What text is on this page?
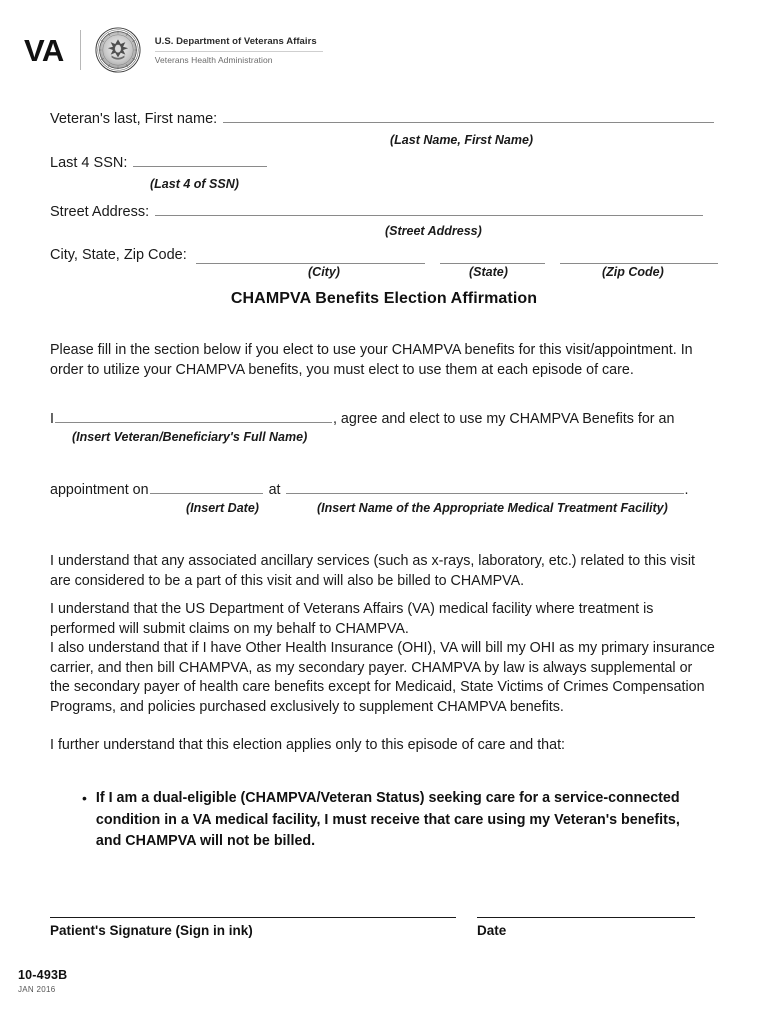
VA	U.S. Department of Veterans Affairs
Veterans Health Administration
Veteran's last, First name:
(Last Name, First Name)
Last 4 SSN:
(Last 4 of SSN)
Street Address:
(Street Address)
City, State, Zip Code:
(City)	(State)	(Zip Code)
CHAMPVA Benefits Election Affirmation
Please fill in the section below if you elect to use your CHAMPVA benefits for this visit/appointment. In order to utilize your CHAMPVA benefits, you must elect to use them at each episode of care.
I	, agree and elect to use my CHAMPVA Benefits for an
(Insert Veteran/Beneficiary's Full Name)
appointment on	at	.
(Insert Date)	(Insert Name of the Appropriate Medical Treatment Facility)
I understand that any associated ancillary services (such as x-rays, laboratory, etc.) related to this visit are considered to be a part of this visit and will also be billed to CHAMPVA.
I understand that the US Department of Veterans Affairs (VA) medical facility where treatment is performed will submit claims on my behalf to CHAMPVA.
I also understand that if I have Other Health Insurance (OHI), VA will bill my OHI as my primary insurance carrier, and then bill CHAMPVA, as my secondary payer. CHAMPVA by law is always supplemental or the secondary payer of health care benefits except for Medicaid, State Victims of Crimes Compensation Programs, and policies purchased exclusively to supplement CHAMPVA benefits.
I further understand that this election applies only to this episode of care and that:
• If I am a dual-eligible (CHAMPVA/Veteran Status) seeking care for a service-connected condition in a VA medical facility, I must receive that care using my Veteran's benefits, and CHAMPVA will not be billed.
Patient's Signature (Sign in ink)	Date
10-493B
JAN 2016
